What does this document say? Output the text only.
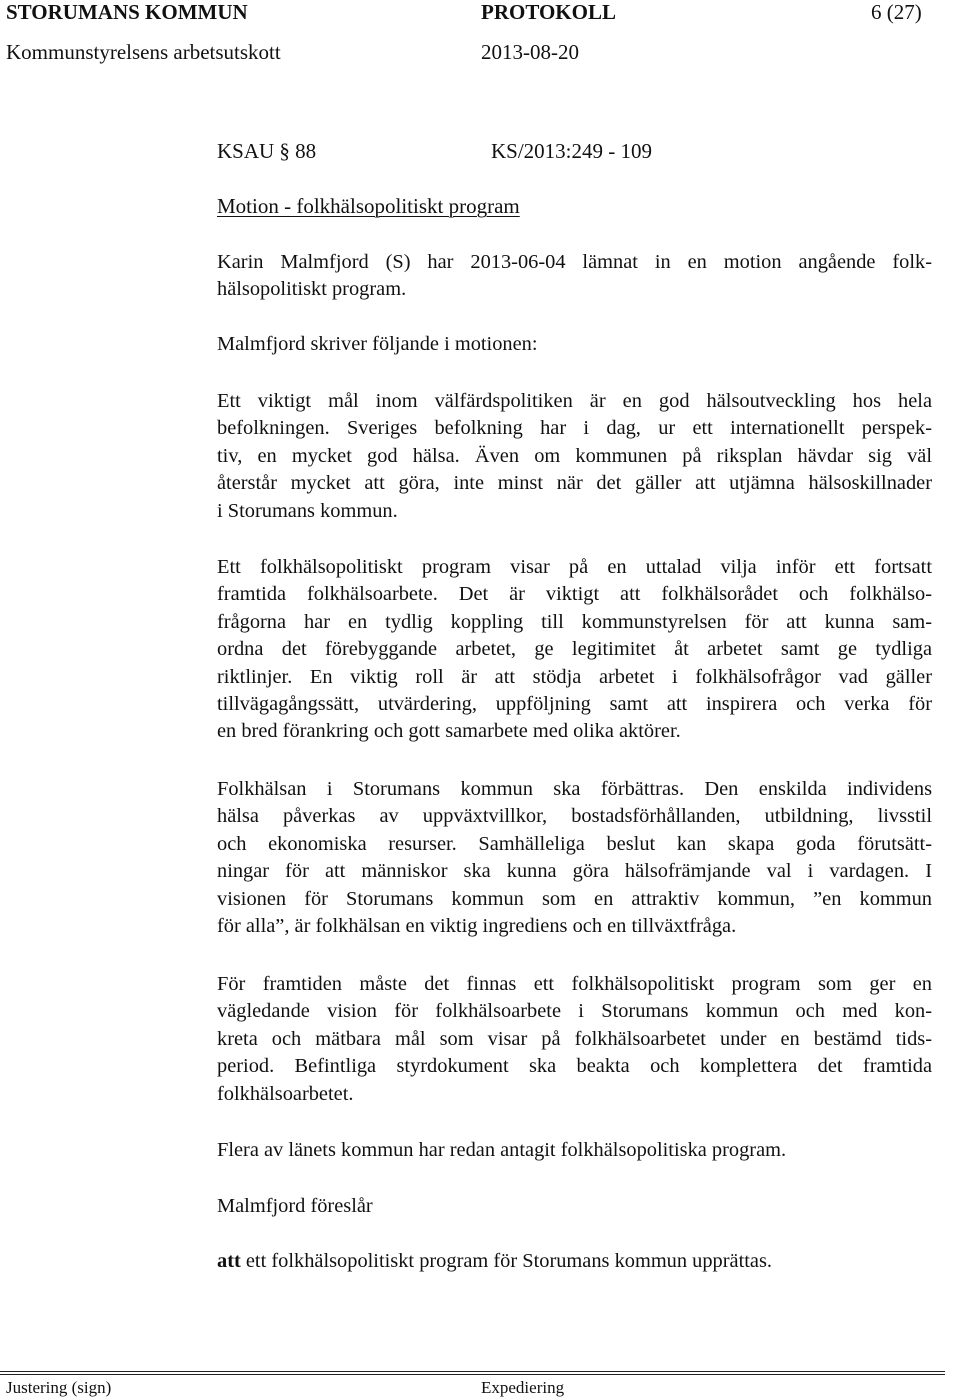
STORUMANS KOMMUN	PROTOKOLL	6 (27)
Kommunstyrelsens arbetsutskott	2013-08-20
KSAU § 88	KS/2013:249 - 109
Motion - folkhälsopolitiskt program
Karin Malmfjord (S) har 2013-06-04 lämnat in en motion angående folk-
hälsopolitiskt program.
Malmfjord skriver följande i motionen:
Ett viktigt mål inom välfärdspolitiken är en god hälsoutveckling hos hela
befolkningen. Sveriges befolkning har i dag, ur ett internationellt perspek-
tiv, en mycket god hälsa. Även om kommunen på riksplan hävdar sig väl
återstår mycket att göra, inte minst när det gäller att utjämna hälsoskillnader
i Storumans kommun.
Ett folkhälsopolitiskt program visar på en uttalad vilja inför ett fortsatt
framtida folkhälsoarbete. Det är viktigt att folkhälsorådet och folkhälso-
frågorna har en tydlig koppling till kommunstyrelsen för att kunna sam-
ordna det förebyggande arbetet, ge legitimitet åt arbetet samt ge tydliga
riktlinjer. En viktig roll är att stödja arbetet i folkhälsofrågor vad gäller
tillvägagångssätt, utvärdering, uppföljning samt att inspirera och verka för
en bred förankring och gott samarbete med olika aktörer.
Folkhälsan i Storumans kommun ska förbättras. Den enskilda individens
hälsa påverkas av uppväxtvillkor, bostadsförhållanden, utbildning, livsstil
och ekonomiska resurser. Samhälleliga beslut kan skapa goda förutsätt-
ningar för att människor ska kunna göra hälsofrämjande val i vardagen. I
visionen för Storumans kommun som en attraktiv kommun, ”en kommun
för alla”, är folkhälsan en viktig ingrediens och en tillväxtfråga.
För framtiden måste det finnas ett folkhälsopolitiskt program som ger en
vägledande vision för folkhälsoarbete i Storumans kommun och med kon-
kreta och mätbara mål som visar på folkhälsoarbetet under en bestämd tids-
period. Befintliga styrdokument ska beakta och komplettera det framtida
folkhälsoarbetet.
Flera av länets kommun har redan antagit folkhälsopolitiska program.
Malmfjord föreslår
att ett folkhälsopolitiskt program för Storumans kommun upprättas.
Justering (sign)	Expediering
